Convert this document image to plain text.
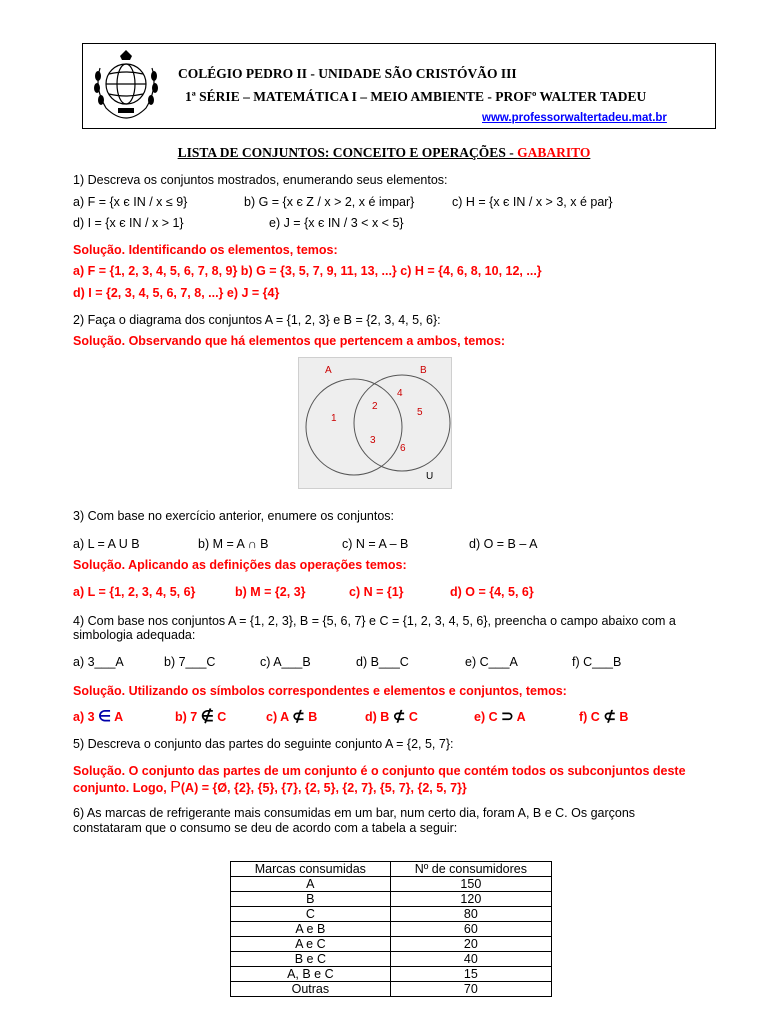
COLÉGIO PEDRO II - UNIDADE SÃO CRISTÓVÃO III
1ª SÉRIE – MATEMÁTICA I – MEIO AMBIENTE - PROFº WALTER TADEU
www.professorwaltertadeu.mat.br
LISTA DE CONJUNTOS: CONCEITO E OPERAÇÕES - GABARITO
1) Descreva os conjuntos mostrados, enumerando seus elementos:
a) F = {x є IN / x ≤ 9}	b) G = {x є Z / x > 2, x é impar}	c) H = {x є IN / x > 3, x é par}
d) I = {x є IN / x > 1}	e) J = {x є IN / 3 < x < 5}
Solução. Identificando os elementos, temos:
a) F = {1, 2, 3, 4, 5, 6, 7, 8, 9} b) G = {3, 5, 7, 9, 11, 13, ...} c) H = {4, 6, 8, 10, 12, ...}
d) I = {2, 3, 4, 5, 6, 7, 8, ...} e) J = {4}
2) Faça o diagrama dos conjuntos A = {1, 2, 3} e B = {2, 3, 4, 5, 6}:
Solução. Observando que há elementos que pertencem a ambos, temos:
A	B
1
2
3
4
5
6
U
3) Com base no exercício anterior, enumere os conjuntos:
a) L = A U B	b) M = A ∩ B	c) N = A – B	d) O = B – A
Solução. Aplicando as definições das operações temos:
a) L = {1, 2, 3, 4, 5, 6}	b) M = {2, 3}	c) N = {1}	d) O = {4, 5, 6}
4) Com base nos conjuntos A = {1, 2, 3}, B = {5, 6, 7} e C = {1, 2, 3, 4, 5, 6}, preencha o campo abaixo com a
simbologia adequada:
a) 3___A	b) 7___C	c) A___B	d) B___C	e) C___A	f) C___B
Solução. Utilizando os símbolos correspondentes e elementos e conjuntos, temos:
a) 3 ∈ A	b) 7 ∉ C	c) A ⊄ B	d) B ⊄ C	e) C ⊃ A	f) C ⊄ B
5) Descreva o conjunto das partes do seguinte conjunto A = {2, 5, 7}:
Solução. O conjunto das partes de um conjunto é o conjunto que contém todos os subconjuntos deste
conjunto. Logo, P(A) = {Ø, {2}, {5}, {7}, {2, 5}, {2, 7}, {5, 7}, {2, 5, 7}}
6) As marcas de refrigerante mais consumidas em um bar, num certo dia, foram A, B e C. Os garçons
constataram que o consumo se deu de acordo com a tabela a seguir:
Marcas consumidas	Nº de consumidores
A	150
B	120
C	80
A e B	60
A e C	20
B e C	40
A, B e C	15
Outras	70
